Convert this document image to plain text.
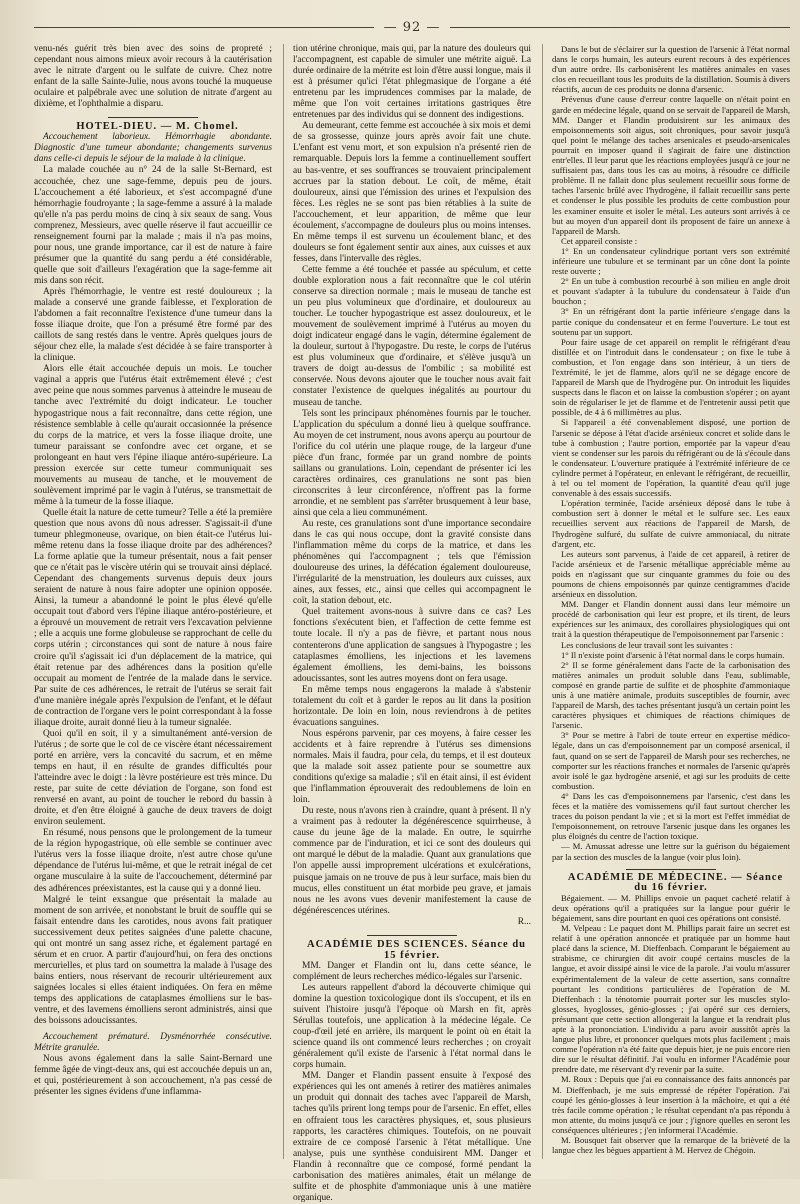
— 92 —

venu-nés guérit très bien avec des soins de propreté ; cependant nous aimons mieux avoir recours à la cautérisation avec le nitrate d'argent ou le sulfate de cuivre. Chez notre enfant de la salle Sainte-Julie, nous avons touché la muqueuse oculaire et palpébrale avec une solution de nitrate d'argent au dixième, et l'ophthalmie a disparu.

HOTEL-DIEU. — M. Chomel.

Accouchement laborieux. Hémorrhagie abondante. Diagnostic d'une tumeur abondante; changements survenus dans celle-ci depuis le séjour de la malade à la clinique.

La malade couchée au n° 24 de la salle St-Bernard, est accouchée, chez une sage-femme, depuis peu de jours. L'accouchement a été laborieux, et s'est accompagné d'une hémorrhagie foudroyante ; la sage-femme a assuré à la malade qu'elle n'a pas perdu moins de cinq à six seaux de sang. Vous comprenez, Messieurs, avec quelle réserve il faut accueillir ce renseignement fourni par la malade ; mais il n'a pas moins, pour nous, une grande importance, car il est de nature à faire présumer que la quantité du sang perdu a été considérable, quelle que soit d'ailleurs l'exagération que la sage-femme ait mis dans son récit.

Après l'hémorrhagie, le ventre est resté douloureux ; la malade a conservé une grande faiblesse, et l'exploration de l'abdomen a fait reconnaître l'existence d'une tumeur dans la fosse iliaque droite, que l'on a présumé être formé par des caillots de sang restés dans le ventre. Après quelques jours de séjour chez elle, la malade s'est décidée à se faire transporter à la clinique.

Alors elle était accouchée depuis un mois. Le toucher vaginal a appris que l'utérus était extrêmement élevé ; c'est avec peine que nous sommes parvenus à atteindre le museau de tanche avec l'extrémité du doigt indicateur. Le toucher hypogastrique nous a fait reconnaître, dans cette région, une résistence semblable à celle qu'aurait occasionnée la présence du corps de la matrice, et vers la fosse iliaque droite, une tumeur paraissant se confondre avec cet organe, et se prolongeant en haut vers l'épine iliaque antéro-supérieure. La pression exercée sur cette tumeur communiquait ses mouvements au museau de tanche, et le mouvement de soulèvement imprimé par le vagin à l'utérus, se transmettait de même à la tumeur de la fosse iliaque.

Quelle était la nature de cette tumeur? Telle a été la première question que nous avons dû nous adresser. S'agissait-il d'une tumeur phlegmoneuse, ovarique, on bien était-ce l'utérus lui-même retenu dans la fosse iliaque droite par des adhérences? La forme aplatie que la tumeur présentait, nous a fait penser que ce n'était pas le viscère utérin qui se trouvait ainsi déplacé. Cependant des changements survenus depuis deux jours seraient de nature à nous faire adopter une opinion opposée. Ainsi, la tumeur a abandonné le point le plus élevé qu'elle occupait tout d'abord vers l'épine iliaque antéro-postérieure, et a éprouvé un mouvement de retrait vers l'excavation pelvienne ; elle a acquis une forme globuleuse se rapprochant de celle du corps utérin ; circonstances qui sont de nature à nous faire croire qu'il s'agissait ici d'un déplacement de la matrice, qui était retenue par des adhérences dans la position qu'elle occupait au moment de l'entrée de la malade dans le service. Par suite de ces adhérences, le retrait de l'utérus se serait fait d'une manière inégale après l'expulsion de l'enfant, et le défaut de contraction de l'organe vers le point correspondant à la fosse iliaque droite, aurait donné lieu à la tumeur signalée.

Quoi qu'il en soit, il y a simultanément anté-version de l'utérus ; de sorte que le col de ce viscère étant nécessairement porté en arrière, vers la concavité du sacrum, et en même temps en haut, il en résulte de grandes difficultés pour l'atteindre avec le doigt : la lèvre postérieure est très mince. Du reste, par suite de cette déviation de l'organe, son fond est renversé en avant, au point de toucher le rebord du bassin à droite, et d'en être éloigné à gauche de deux travers de doigt environ seulement.

En résumé, nous pensons que le prolongement de la tumeur de la région hypogastrique, où elle semble se continuer avec l'utérus vers la fosse iliaque droite, n'est autre chose qu'une dépendance de l'utérus lui-même, et que le retrait inégal de cet organe musculaire à la suite de l'accouchement, déterminé par des adhérences préexistantes, est la cause qui y a donné lieu.

Malgré le teint exsangue que présentait la malade au moment de son arrivée, et nonobstant le bruit de souffle qui se faisait entendre dans les carotides, nous avons fait pratiquer successivement deux petites saignées d'une palette chacune, qui ont montré un sang assez riche, et également partagé en sérum et en cruor. A partir d'aujourd'hui, on fera des onctions mercurielles, et plus tard on soumettra la malade à l'usage des bains entiers, nous réservant de recourir ultérieurement aux saignées locales si elles étaient indiquées. On fera en même temps des applications de cataplasmes émolliens sur le bas-ventre, et des lavemens émolliens seront administrés, ainsi que des boissons adoucissantes.

Accouchement prématuré. Dysménorrhée consécutive. Métrite granulée.

Nous avons également dans la salle Saint-Bernard une femme âgée de vingt-deux ans, qui est accouchée depuis un an, et qui, postérieurement à son accouchement, n'a pas cessé de présenter les signes évidens d'une inflamma-

tion utérine chronique, mais qui, par la nature des douleurs qui l'accompagnent, est capable de simuler une métrite aiguë. La durée ordinaire de la métrite est loin d'être aussi longue, mais il est à présumer qu'ici l'état phlegmasique de l'organe a été entretenu par les imprudences commises par la malade, de même que l'on voit certaines irritations gastriques être entretenues par des individus qui se donnent des indigestions.

Au demeurant, cette femme est accouchée à six mois et demi de sa grossesse, quinze jours après avoir fait une chute. L'enfant est venu mort, et son expulsion n'a présenté rien de remarquable. Depuis lors la femme a continuellement souffert au bas-ventre, et ses souffrances se trouvaient principalement accrues par la station debout. Le coït, de même, était douloureux, ainsi que l'émission des urines et l'expulsion des fèces. Les règles ne se sont pas bien rétablies à la suite de l'accouchement, et leur apparition, de même que leur écoulement, s'accompagne de douleurs plus ou moins intenses. En même temps il est survenu un écoulement blanc, et des douleurs se font également sentir aux aines, aux cuisses et aux fesses, dans l'intervalle des règles.

Cette femme a été touchée et passée au spéculum, et cette double exploration nous a fait reconnaître que le col utérin conserve sa direction normale ; mais le museau de tanche est un peu plus volumineux que d'ordinaire, et douloureux au toucher. Le toucher hypogastrique est assez douloureux, et le mouvement de soulèvement imprimé à l'utérus au moyen du doigt indicateur engagé dans le vagin, détermine également de la douleur, surtout à l'hypogastre. Du reste, le corps de l'utérus est plus volumineux que d'ordinaire, et s'élève jusqu'à un travers de doigt au-dessus de l'ombilic ; sa mobilité est conservée. Nous devons ajouter que le toucher nous avait fait constater l'existence de quelques inégalités au pourtour du museau de tanche.

Tels sont les principaux phénomènes fournis par le toucher. L'application du spéculum a donné lieu à quelque souffrance. Au moyen de cet instrument, nous avons aperçu au pourtour de l'orifice du col utérin une plaque rouge, de la largeur d'une pièce d'un franc, formée par un grand nombre de points saillans ou granulations. Loin, cependant de présenter ici les caractères ordinaires, ces granulations ne sont pas bien circonscrites à leur circonférence, n'offrent pas la forme arrondie, et ne semblent pas s'arrêter brusquement à leur base, ainsi que cela a lieu communément.

Au reste, ces granulations sont d'une importance secondaire dans le cas qui nous occupe, dont la gravité consiste dans l'inflammation même du corps de la matrice, et dans les phénomènes qui l'accompagnent ; tels que l'émission douloureuse des urines, la défécation également douloureuse, l'irrégularité de la menstruation, les douleurs aux cuisses, aux aines, aux fesses, etc., ainsi que celles qui accompagnent le coït, la station debout, etc.

Quel traitement avons-nous à suivre dans ce cas? Les fonctions s'exécutent bien, et l'affection de cette femme est toute locale. Il n'y a pas de fièvre, et partant nous nous contenterons d'une application de sangsues à l'hypogastre ; les cataplasmes émolliens, les injections et les lavemens également émolliens, les demi-bains, les boissons adoucissantes, sont les autres moyens dont on fera usage.

En même temps nous engagerons la malade à s'abstenir totalement du coït et à garder le repos au lit dans la position horizontale. De loin en loin, nous reviendrons à de petites évacuations sanguines.

Nous espérons parvenir, par ces moyens, à faire cesser les accidents et à faire reprendre à l'utérus ses dimensions normales. Mais il faudra, pour cela, du temps, et il est douteux que la malade soit assez patiente pour se soumettre aux conditions qu'exige sa maladie ; s'il en était ainsi, il est évident que l'inflammation éprouverait des redoublemens de loin en loin.

Du reste, nous n'avons rien à craindre, quant à présent. Il n'y a vraiment pas à redouter la dégénérescence squirrheuse, à cause du jeune âge de la malade. En outre, le squirrhe commence par de l'induration, et ici ce sont des douleurs qui ont marqué le début de la maladie. Quant aux granulations que l'on appelle aussi improprement ulcérations et exulcérations, puisque jamais on ne trouve de pus à leur surface, mais bien du mucus, elles constituent un état morbide peu grave, et jamais nous ne les avons vues devenir manifestement la cause de dégénérescences utérines.

R...

ACADÉMIE DES SCIENCES. Séance du 15 février.

MM. Danger et Flandin ont lu, dans cette séance, le complément de leurs recherches médico-légales sur l'arsenic.

Les auteurs rappellent d'abord la découverte chimique qui domine la question toxicologique dont ils s'occupent, et ils en suivent l'histoire jusqu'à l'époque où Marsh en fit, après Sérullas toutefois, une application à la médecine légale. Ce coup-d'œil jeté en arrière, ils marquent le point où en était la science quand ils ont commencé leurs recherches ; on croyait généralement qu'il existe de l'arsenic à l'état normal dans le corps humain.

MM. Danger et Flandin passent ensuite à l'exposé des expériences qui les ont amenés à retirer des matières animales un produit qui donnait des taches avec l'appareil de Marsh, taches qu'ils prirent long temps pour de l'arsenic. En effet, elles en offraient tous les caractères physiques, et, sous plusieurs rapports, les caractères chimiques. Toutefois, on ne pouvait extraire de ce composé l'arsenic à l'état métallique. Une analyse, puis une synthèse conduisirent MM. Danger et Flandin à reconnaître que ce composé, formé pendant la carbonisation des matières animales, était un mélange de sulfite et de phosphite d'ammoniaque unis à une matière organique.

Dans le but de s'éclairer sur la question de l'arsenic à l'état normal dans le corps humain, les auteurs eurent recours à des expériences d'un autre ordre. Ils carbonisèrent les matières animales en vases clos en recueillant tous les produits de la distillation. Soumis à divers réactifs, aucun de ces produits ne donna d'arsenic.

Prévenus d'une cause d'erreur contre laquelle on n'était point en garde en médecine légale, quand on se servait de l'appareil de Marsh, MM. Danger et Flandin produisirent sur les animaux des empoisonnements soit aigus, soit chroniques, pour savoir jusqu'à quel point le mélange des taches arsenicales et pseudo-arsenicales pourrait en imposer quand il s'agirait de faire une distinction entr'elles. Il leur parut que les réactions employées jusqu'à ce jour ne suffisaient pas, dans tous les cas au moins, à résoudre ce difficile problème. Il ne fallait donc plus seulement recueillir sous forme de taches l'arsenic brûlé avec l'hydrogène, il fallait recueillir sans perte et condenser le plus possible les produits de cette combustion pour les examiner ensuite et isoler le métal. Les auteurs sont arrivés à ce but au moyen d'un appareil dont ils proposent de faire un annexe à l'appareil de Marsh.

Cet appareil consiste :

1° En un condensateur cylindrique portant vers son extrémité inférieure une tubulure et se terminant par un cône dont la pointe reste ouverte ;

2° En un tube à combustion recourbé à son milieu en angle droit et pouvant s'adapter à la tubulure du condensateur à l'aide d'un bouchon ;

3° En un réfrigérant dont la partie inférieure s'engage dans la partie conique du condensateur et en ferme l'ouverture. Le tout est soutenu par un support.

Pour faire usage de cet appareil on remplit le réfrigérant d'eau distillée et on l'introduit dans le condensateur ; on fixe le tube à combustion, et l'on engage dans son intérieur, à un tiers de l'extrémité, le jet de flamme, alors qu'il ne se dégage encore de l'appareil de Marsh que de l'hydrogène pur. On introduit les liquides suspects dans le flacon et on laisse la combustion s'opérer ; on ayant soin de régulariser le jet de flamme et de l'entretenir aussi petit que possible, de 4 à 6 millimètres au plus.

Si l'appareil a été convenablement disposé, une portion de l'arsenic se dépose à l'état d'acide arsénieux concret et solide dans le tube à combustion ; l'autre portion, emportée par la vapeur d'eau vient se condenser sur les parois du réfrigérant ou de là s'écoule dans le condensateur. L'ouverture pratiquée à l'extrémité inférieure de ce cylindre permet à l'opérateur, en enlevant le réfrigérant, de recueillir, à tel ou tel moment de l'opération, la quantité d'eau qu'il juge convenable à des essais successifs.

L'opération terminée, l'acide arsénieux déposé dans le tube à combustion sert à donner le métal et le sulfure sec. Les eaux recueillies servent aux réactions de l'appareil de Marsh, de l'hydrogène sulfuré, du sulfate de cuivre ammoniacal, du nitrate d'argent, etc.

Les auteurs sont parvenus, à l'aide de cet appareil, à retirer de l'acide arsénieux et de l'arsenic métallique appréciable même au poids en n'agissant que sur cinquante grammes du foie ou des poumons de chiens empoisonnés par quinze centigrammes d'acide arsénieux en dissolution.

MM. Danger et Flandin donnent aussi dans leur mémoire un procédé de carbonisation qui leur est propre, et ils tirent, de leurs expériences sur les animaux, des corollaires physiologiques qui ont trait à la question thérapeutique de l'empoisonnement par l'arsenic :

Les conclusions de leur travail sont les suivantes :

1° Il n'existe point d'arsenic à l'état normal dans le corps humain.

2° Il se forme généralement dans l'acte de la carbonisation des matières animales un produit soluble dans l'eau, sublimable, composé en grande partie de sulfite et de phosphite d'ammoniaque unis à une matière animale, produits susceptibles de fournir, avec l'appareil de Marsh, des taches présentant jusqu'à un certain point les caractères physiques et chimiques de réactions chimiques de l'arsenic.

3° Pour se mettre à l'abri de toute erreur en expertise médico-légale, dans un cas d'empoisonnement par un composé arsenical, il faut, quand on se sert de l'appareil de Marsh pour ses recherches, ne comporter sur les réactions franches et normales de l'arsenic qu'après avoir isolé le gaz hydrogène arsenié, et agi sur les produits de cette combustion.

4° Dans les cas d'empoisonnemens par l'arsenic, c'est dans les fèces et la matière des vomissemens qu'il faut surtout chercher les traces du poison pendant la vie ; et si la mort est l'effet immédiat de l'empoisonnement, on retrouve l'arsenic jusque dans les organes les plus éloignés du centre de l'action toxique.

— M. Amussat adresse une lettre sur la guérison du bégaiement par la section des muscles de la langue (voir plus loin).

ACADÉMIE DE MÉDECINE. — Séance du 16 février.

Bégaiement. — M. Phillips envoie un paquet cacheté relatif à deux opérations qu'il a pratiquées sur la langue pour guérir le bégaiement, sans dire pourtant en quoi ces opérations ont consisté.

M. Velpeau : Le paquet dont M. Phillips parait faire un secret est relatif à une opération annoncée et pratiquée par un homme haut placé dans la science, M. Dieffenbach. Comparant le bégaiement au strabisme, ce chirurgien dit avoir coupé certains muscles de la langue, et avoir dissipé ainsi le vice de la parole. J'ai voulu m'assurer expérimentalement de la valeur de cette assertion, sans connaître pourtant les conditions particulières de l'opération de M. Dieffenbach : la ténotomie pourrait porter sur les muscles stylo-glosses, hyoglosses, génio-glosses ; j'ai opéré sur ces derniers, présumant que cette section allongerait la langue et la rendrait plus apte à la prononciation. L'individu a paru avoir aussitôt après la langue plus libre, et prononcer quelques mots plus facilement ; mais comme l'opération n'a été faite que depuis hier, je ne puis encore rien dire sur le résultat définitif. J'ai voulu en informer l'Académie pour prendre date, me réservant d'y revenir par la suite.

M. Roux : Depuis que j'ai eu connaissance des faits annoncés par M. Dieffenbach, je me suis empressé de répéter l'opération. J'ai coupé les génio-glosses à leur insertion à la mâchoire, et qui a été très facile comme opération ; le résultat cependant n'a pas répondu à mon attente, du moins jusqu'à ce jour ; j'ignore quelles en seront les conséquences ultérieures ; j'en informerai l'Académie.

M. Bousquet fait observer que la remarque de la brièveté de la langue chez les bègues appartient à M. Hervez de Chégoin.
